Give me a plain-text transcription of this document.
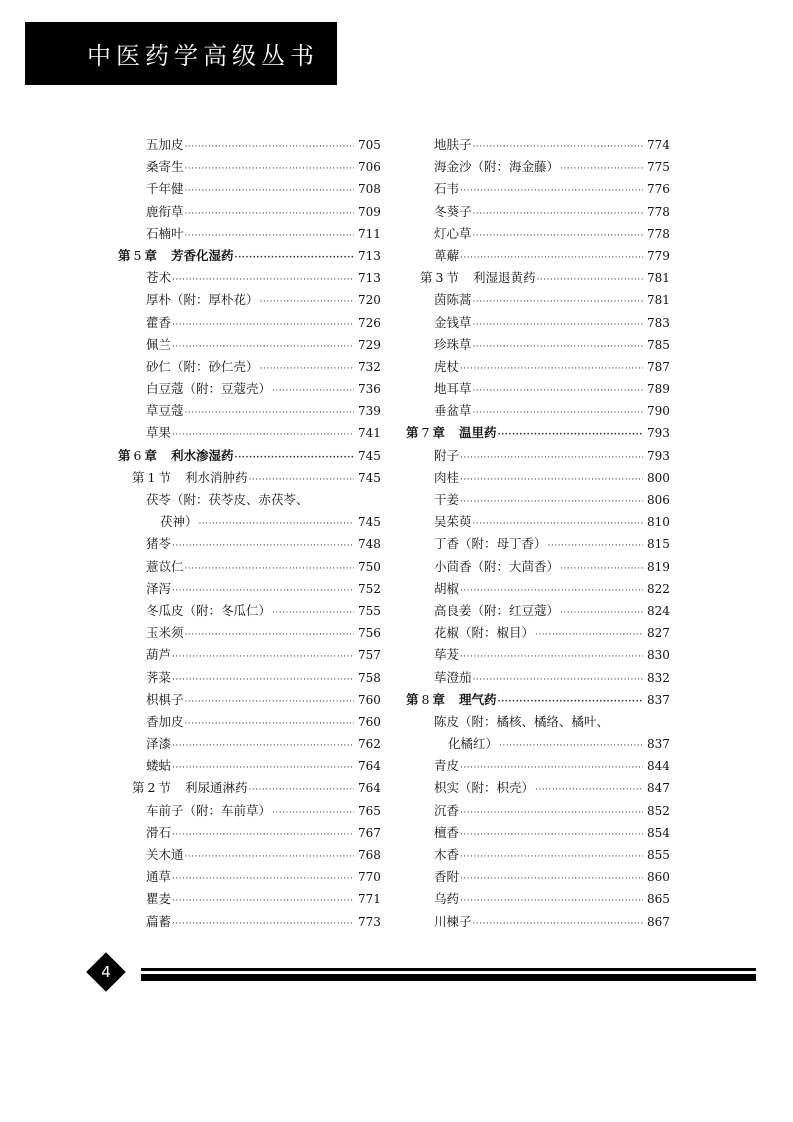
中医药学高级丛书
五加皮 ·····	705
桑寄生 ·····	706
千年健 ·····	708
鹿衔草 ·····	709
石楠叶 ·····	711
第 5 章 芳香化湿药 ·····	713
苍术 ·····	713
厚朴（附：厚朴花） ·····	720
藿香 ·····	726
佩兰 ·····	729
砂仁（附：砂仁壳） ·····	732
白豆蔻（附：豆蔻壳） ·····	736
草豆蔻 ·····	739
草果 ·····	741
第 6 章 利水渗湿药 ·····	745
第 1 节 利水消肿药 ·····	745
茯苓（附：茯苓皮、赤茯苓、
茯神） ·····	745
猪苓 ·····	748
薏苡仁 ·····	750
泽泻 ·····	752
冬瓜皮（附：冬瓜仁） ·····	755
玉米须 ·····	756
葫芦 ·····	757
荠菜 ·····	758
枳椇子 ·····	760
香加皮 ·····	760
泽漆 ·····	762
蝼蛄 ·····	764
第 2 节 利尿通淋药 ·····	764
车前子（附：车前草） ·····	765
滑石 ·····	767
关木通 ·····	768
通草 ·····	770
瞿麦 ·····	771
萹蓄 ·····	773
地肤子 ·····	774
海金沙（附：海金藤） ·····	775
石韦 ·····	776
冬葵子 ·····	778
灯心草 ·····	778
萆薢 ·····	779
第 3 节 利湿退黄药 ·····	781
茵陈蒿 ·····	781
金钱草 ·····	783
珍珠草 ·····	785
虎杖 ·····	787
地耳草 ·····	789
垂盆草 ·····	790
第 7 章 温里药 ·····	793
附子 ·····	793
肉桂 ·····	800
干姜 ·····	806
吴茱萸 ·····	810
丁香（附：母丁香） ·····	815
小茴香（附：大茴香） ·····	819
胡椒 ·····	822
高良姜（附：红豆蔻） ·····	824
花椒（附：椒目） ·····	827
荜茇 ·····	830
荜澄茄 ·····	832
第 8 章 理气药 ·····	837
陈皮（附：橘核、橘络、橘叶、
化橘红） ·····	837
青皮 ·····	844
枳实（附：枳壳） ·····	847
沉香 ·····	852
檀香 ·····	854
木香 ·····	855
香附 ·····	860
乌药 ·····	865
川楝子 ·····	867
4
